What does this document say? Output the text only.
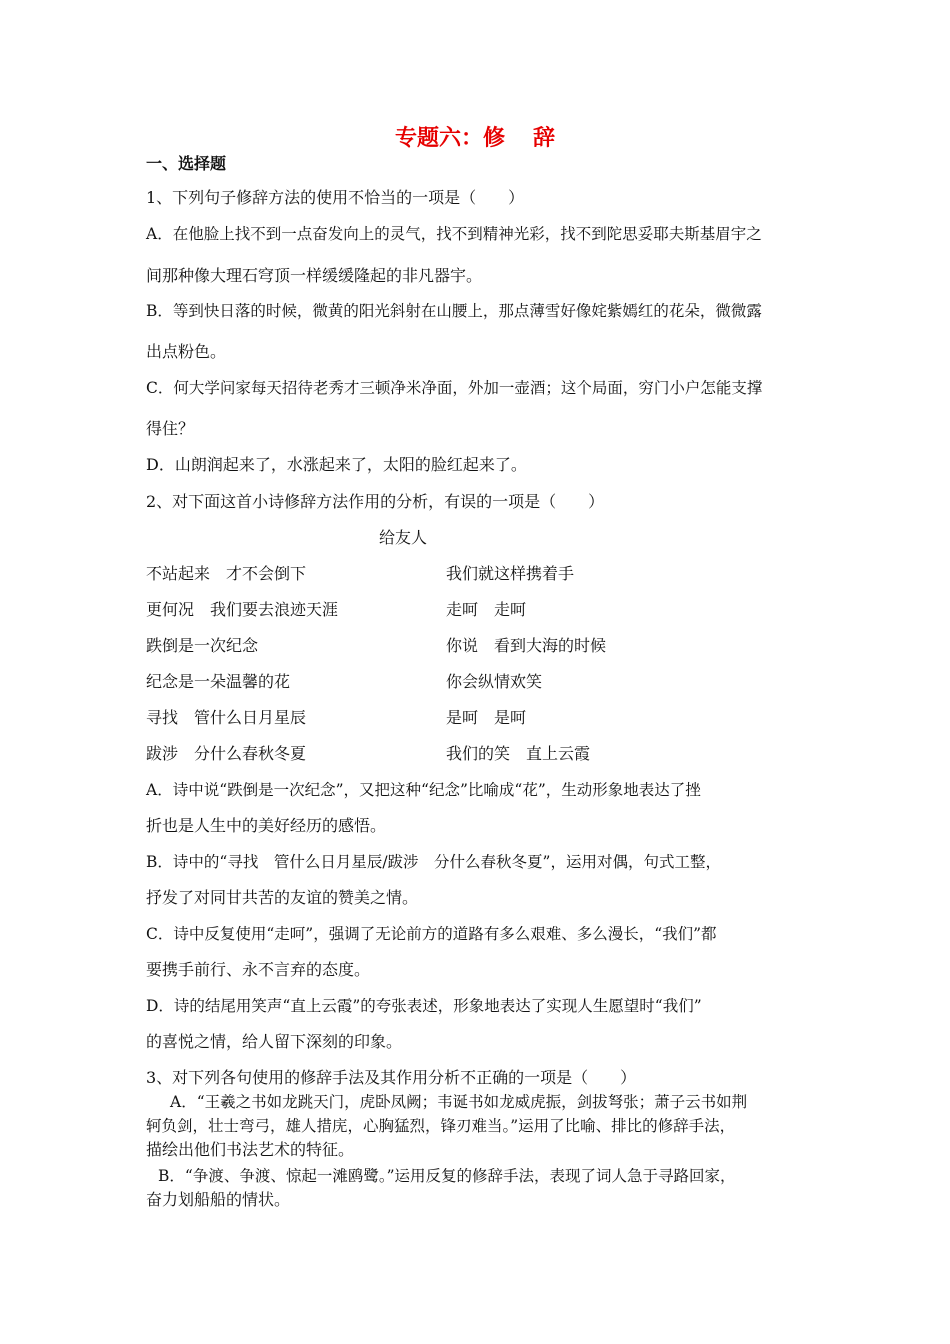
专题六：修 辞
一、选择题
1、下列句子修辞方法的使用不恰当的一项是（　　）
A．在他脸上找不到一点奋发向上的灵气，找不到精神光彩，找不到陀思妥耶夫斯基眉宇之
间那种像大理石穹顶一样缓缓隆起的非凡器宇。
B．等到快日落的时候，微黄的阳光斜射在山腰上，那点薄雪好像姹紫嫣红的花朵，微微露
出点粉色。
C．何大学问家每天招待老秀才三顿净米净面，外加一壶酒；这个局面，穷门小户怎能支撑
得住？
D．山朗润起来了，水涨起来了，太阳的脸红起来了。
2、对下面这首小诗修辞方法作用的分析，有误的一项是（　　）
给友人
不站起来　才不会倒下
更何况　我们要去浪迹天涯
跌倒是一次纪念
纪念是一朵温馨的花
寻找　管什么日月星辰
跋涉　分什么春秋冬夏
我们就这样携着手
走呵　走呵
你说　看到大海的时候
你会纵情欢笑
是呵　是呵
我们的笑　直上云霞
A．诗中说“跌倒是一次纪念”，又把这种“纪念”比喻成“花”，生动形象地表达了挫
折也是人生中的美好经历的感悟。
B．诗中的“寻找　管什么日月星辰/跋涉　分什么春秋冬夏”，运用对偶，句式工整，
抒发了对同甘共苦的友谊的赞美之情。
C．诗中反复使用“走呵”，强调了无论前方的道路有多么艰难、多么漫长，“我们”都
要携手前行、永不言弃的态度。
D．诗的结尾用笑声“直上云霞”的夸张表述，形象地表达了实现人生愿望时“我们”
的喜悦之情，给人留下深刻的印象。
3、对下列各句使用的修辞手法及其作用分析不正确的一项是（　　）
A．“王羲之书如龙跳天门，虎卧凤阙；韦诞书如龙威虎振，剑拔弩张；萧子云书如荆
轲负剑，壮士弯弓，雄人措庑，心胸猛烈，锋刃难当。”运用了比喻、排比的修辞手法，
描绘出他们书法艺术的特征。
B．“争渡、争渡、惊起一滩鸥鹭。”运用反复的修辞手法，表现了词人急于寻路回家，
奋力划船船的情状。
